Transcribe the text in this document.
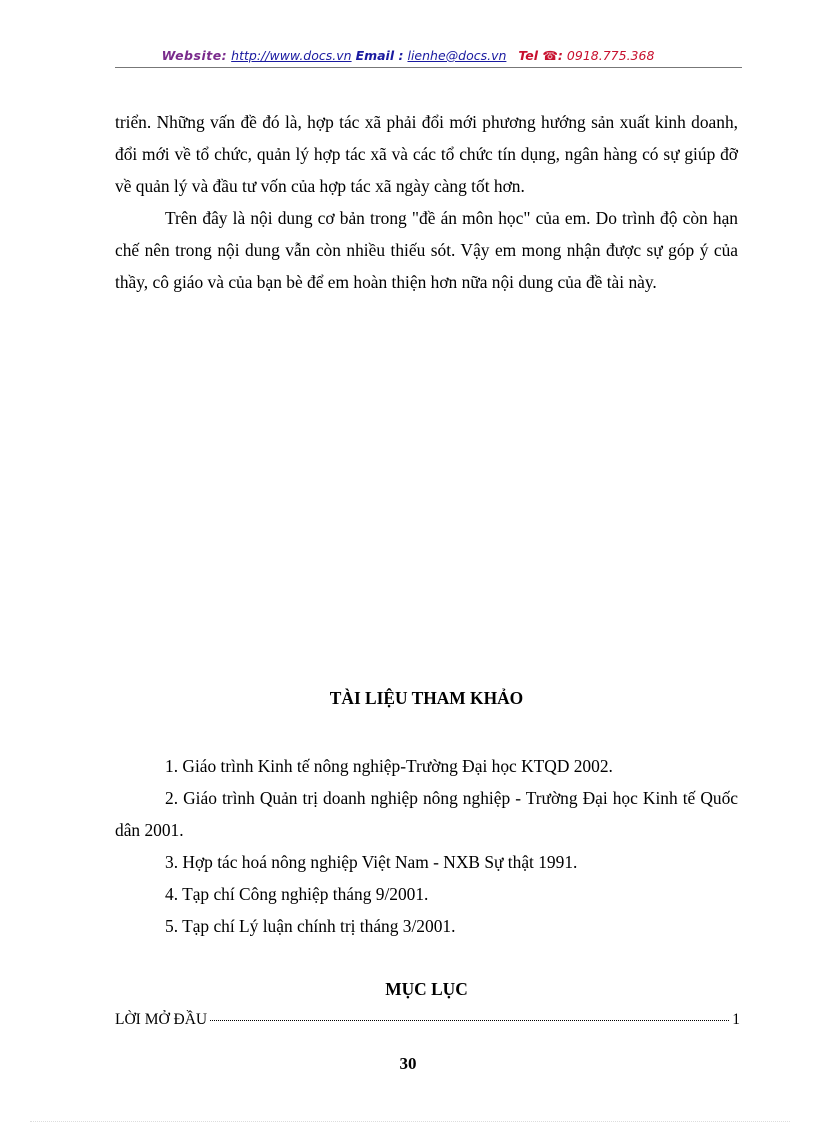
Website: http://www.docs.vn Email : lienhe@docs.vn Tel ☎: 0918.775.368

triển. Những vấn đề đó là, hợp tác xã phải đổi mới phương hướng sản xuất kinh doanh, đổi mới về tổ chức, quản lý hợp tác xã và các tổ chức tín dụng, ngân hàng có sự giúp đỡ về quản lý và đầu tư vốn của hợp tác xã ngày càng tốt hơn.

Trên đây là nội dung cơ bản trong "đề án môn học" của em. Do trình độ còn hạn chế nên trong nội dung vẫn còn nhiều thiếu sót. Vậy em mong nhận được sự góp ý của thầy, cô giáo và của bạn bè để em hoàn thiện hơn nữa nội dung của đề tài này.

TÀI LIỆU THAM KHẢO

1. Giáo trình Kinh tế nông nghiệp-Trường Đại học KTQD 2002.

2. Giáo trình Quản trị doanh nghiệp nông nghiệp - Trường Đại học Kinh tế Quốc dân 2001.

3. Hợp tác hoá nông nghiệp Việt Nam - NXB Sự thật 1991.

4. Tạp chí Công nghiệp tháng 9/2001.

5. Tạp chí Lý luận chính trị tháng 3/2001.

MỤC LỤC
LỜI MỞ ĐẦU	1
30
